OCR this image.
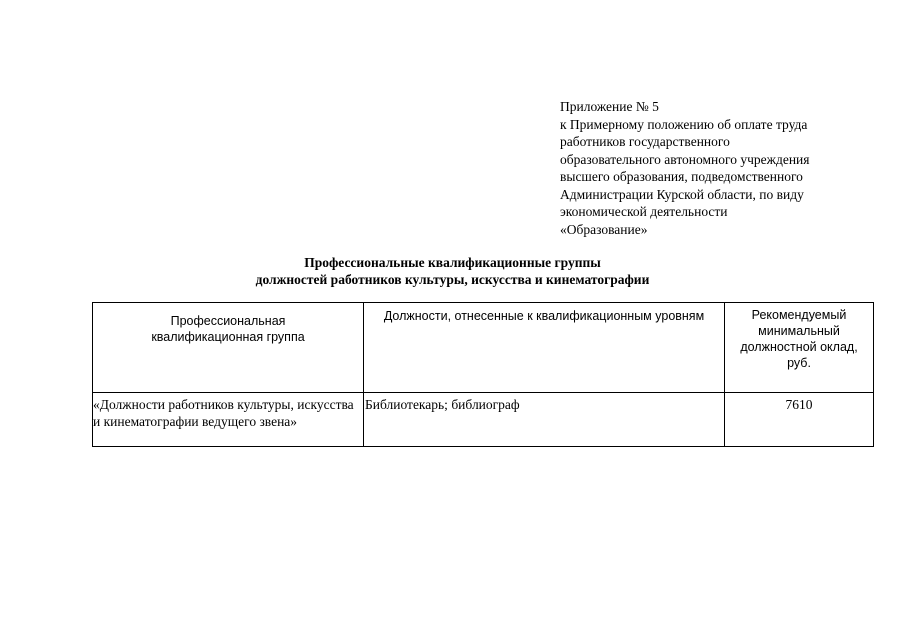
Приложение № 5
к Примерному положению об оплате труда
работников государственного
образовательного автономного учреждения
высшего образования, подведомственного
Администрации Курской области, по виду
экономической деятельности
«Образование»
Профессиональные квалификационные группы
должностей работников культуры, искусства и кинематографии
Профессиональная квалификационная группа	Должности, отнесенные к квалификационным уровням	Рекомендуемый минимальный должностной оклад, руб.
«Должности работников культуры, искусства и кинематографии ведущего звена»	Библиотекарь; библиограф	7610
